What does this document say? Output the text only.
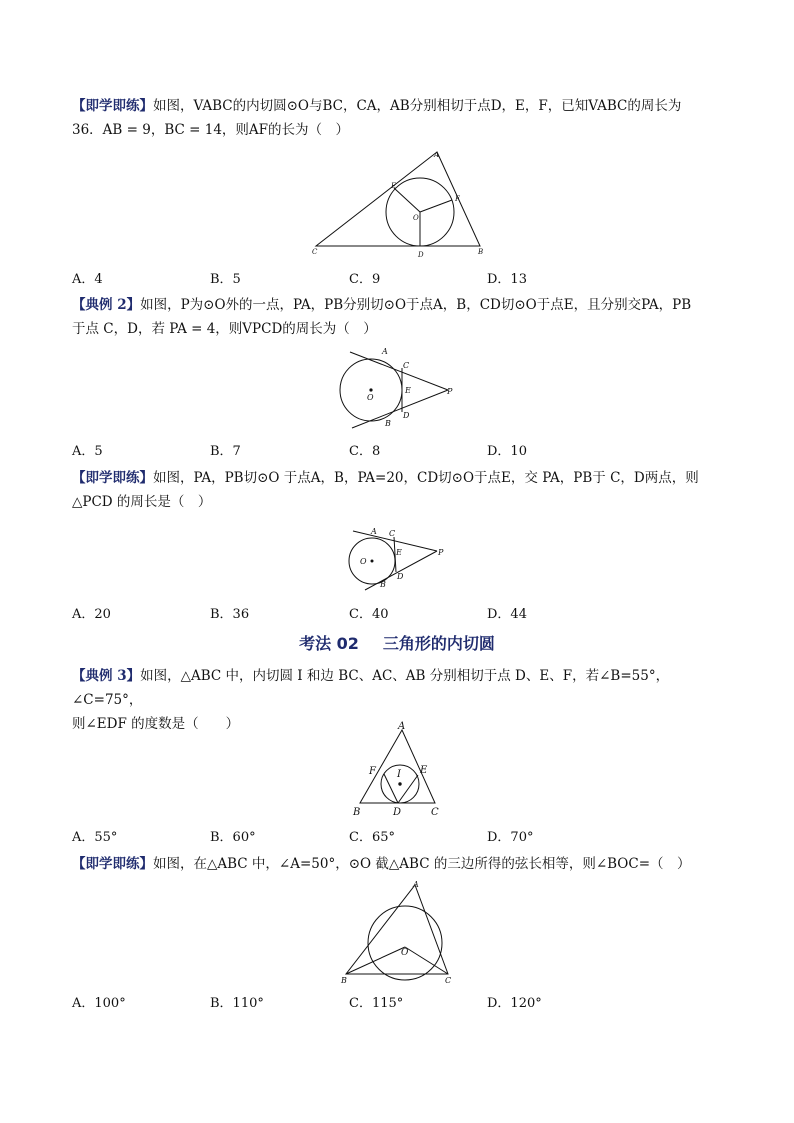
【即学即练】如图，VABC的内切圆⊙O与BC，CA，AB分别相切于点D，E，F，已知VABC的周长为
36．AB = 9，BC = 14，则AF的长为（　）
A
B
C	D
E
F
O
A．4	B．5	C．9	D．13
【典例 2】如图，P为⊙O外的一点，PA，PB分别切⊙O于点A，B，CD切⊙O于点E，且分别交PA，PB
于点 C，D，若 PA = 4，则VPCD的周长为（　）
A
B
C
D
E
O
P
A．5	B．7	C．8	D．10
【即学即练】如图，PA，PB切⊙O 于点A，B，PA=20，CD切⊙O于点E，交 PA，PB于 C，D两点，则
△PCD 的周长是（　）
A
B
C
D
E
O
P
A．20	B．36	C．40	D．44
考法 02 三角形的内切圆
【典例 3】如图，△ABC 中，内切圆 I 和边 BC、AC、AB 分别相切于点 D、E、F，若∠B=55°，∠C=75°，
则∠EDF 的度数是（　　）	A
B	C
D
E
F I
A．55°	B．60°	C．65°	D．70°
【即学即练】如图，在△ABC 中，∠A=50°，⊙O 截△ABC 的三边所得的弦长相等，则∠BOC=（　）
A
B	C
O
A．100°	B．110°	C．115°	D．120°
